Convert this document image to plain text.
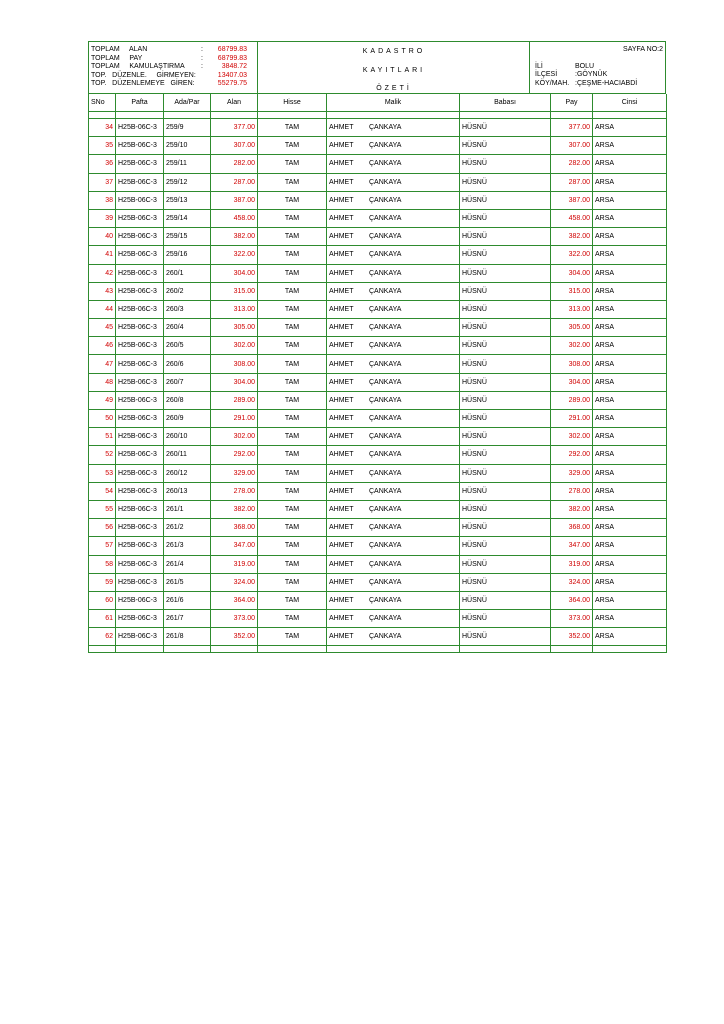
TOPLAM     ALAN	: 68799.83
TOPLAM     PAY	: 68799.83
TOPLAM     KAMULAŞTIRMA :	3848.72
TOP.   DÜZENLE.     GİRMEYEN:	13407.03
TOP.   DÜZENLEMEYE   GİREN:	55279.75
KADASTRO
KAYITLARI
ÖZETİ
SAYFA NO:2
İLİ	BOLU
İLÇESİ	:GÖYNÜK
KÖY/MAH. :ÇEŞME-HACIABDİ
SNo	Pafta	Ada/Par	Alan	Hisse	Malik	Babası	Pay	Cinsi

34	H25B-06C-3	259/9	377.00	TAM	AHMET ÇANKAYA	HÜSNÜ	377.00	ARSA
35	H25B-06C-3	259/10	307.00	TAM	AHMET ÇANKAYA	HÜSNÜ	307.00	ARSA
36	H25B-06C-3	259/11	282.00	TAM	AHMET ÇANKAYA	HÜSNÜ	282.00	ARSA
37	H25B-06C-3	259/12	287.00	TAM	AHMET ÇANKAYA	HÜSNÜ	287.00	ARSA
38	H25B-06C-3	259/13	387.00	TAM	AHMET ÇANKAYA	HÜSNÜ	387.00	ARSA
39	H25B-06C-3	259/14	458.00	TAM	AHMET ÇANKAYA	HÜSNÜ	458.00	ARSA
40	H25B-06C-3	259/15	382.00	TAM	AHMET ÇANKAYA	HÜSNÜ	382.00	ARSA
41	H25B-06C-3	259/16	322.00	TAM	AHMET ÇANKAYA	HÜSNÜ	322.00	ARSA
42	H25B-06C-3	260/1	304.00	TAM	AHMET ÇANKAYA	HÜSNÜ	304.00	ARSA
43	H25B-06C-3	260/2	315.00	TAM	AHMET ÇANKAYA	HÜSNÜ	315.00	ARSA
44	H25B-06C-3	260/3	313.00	TAM	AHMET ÇANKAYA	HÜSNÜ	313.00	ARSA
45	H25B-06C-3	260/4	305.00	TAM	AHMET ÇANKAYA	HÜSNÜ	305.00	ARSA
46	H25B-06C-3	260/5	302.00	TAM	AHMET ÇANKAYA	HÜSNÜ	302.00	ARSA
47	H25B-06C-3	260/6	308.00	TAM	AHMET ÇANKAYA	HÜSNÜ	308.00	ARSA
48	H25B-06C-3	260/7	304.00	TAM	AHMET ÇANKAYA	HÜSNÜ	304.00	ARSA
49	H25B-06C-3	260/8	289.00	TAM	AHMET ÇANKAYA	HÜSNÜ	289.00	ARSA
50	H25B-06C-3	260/9	291.00	TAM	AHMET ÇANKAYA	HÜSNÜ	291.00	ARSA
51	H25B-06C-3	260/10	302.00	TAM	AHMET ÇANKAYA	HÜSNÜ	302.00	ARSA
52	H25B-06C-3	260/11	292.00	TAM	AHMET ÇANKAYA	HÜSNÜ	292.00	ARSA
53	H25B-06C-3	260/12	329.00	TAM	AHMET ÇANKAYA	HÜSNÜ	329.00	ARSA
54	H25B-06C-3	260/13	278.00	TAM	AHMET ÇANKAYA	HÜSNÜ	278.00	ARSA
55	H25B-06C-3	261/1	382.00	TAM	AHMET ÇANKAYA	HÜSNÜ	382.00	ARSA
56	H25B-06C-3	261/2	368.00	TAM	AHMET ÇANKAYA	HÜSNÜ	368.00	ARSA
57	H25B-06C-3	261/3	347.00	TAM	AHMET ÇANKAYA	HÜSNÜ	347.00	ARSA
58	H25B-06C-3	261/4	319.00	TAM	AHMET ÇANKAYA	HÜSNÜ	319.00	ARSA
59	H25B-06C-3	261/5	324.00	TAM	AHMET ÇANKAYA	HÜSNÜ	324.00	ARSA
60	H25B-06C-3	261/6	364.00	TAM	AHMET ÇANKAYA	HÜSNÜ	364.00	ARSA
61	H25B-06C-3	261/7	373.00	TAM	AHMET ÇANKAYA	HÜSNÜ	373.00	ARSA
62	H25B-06C-3	261/8	352.00	TAM	AHMET ÇANKAYA	HÜSNÜ	352.00	ARSA
